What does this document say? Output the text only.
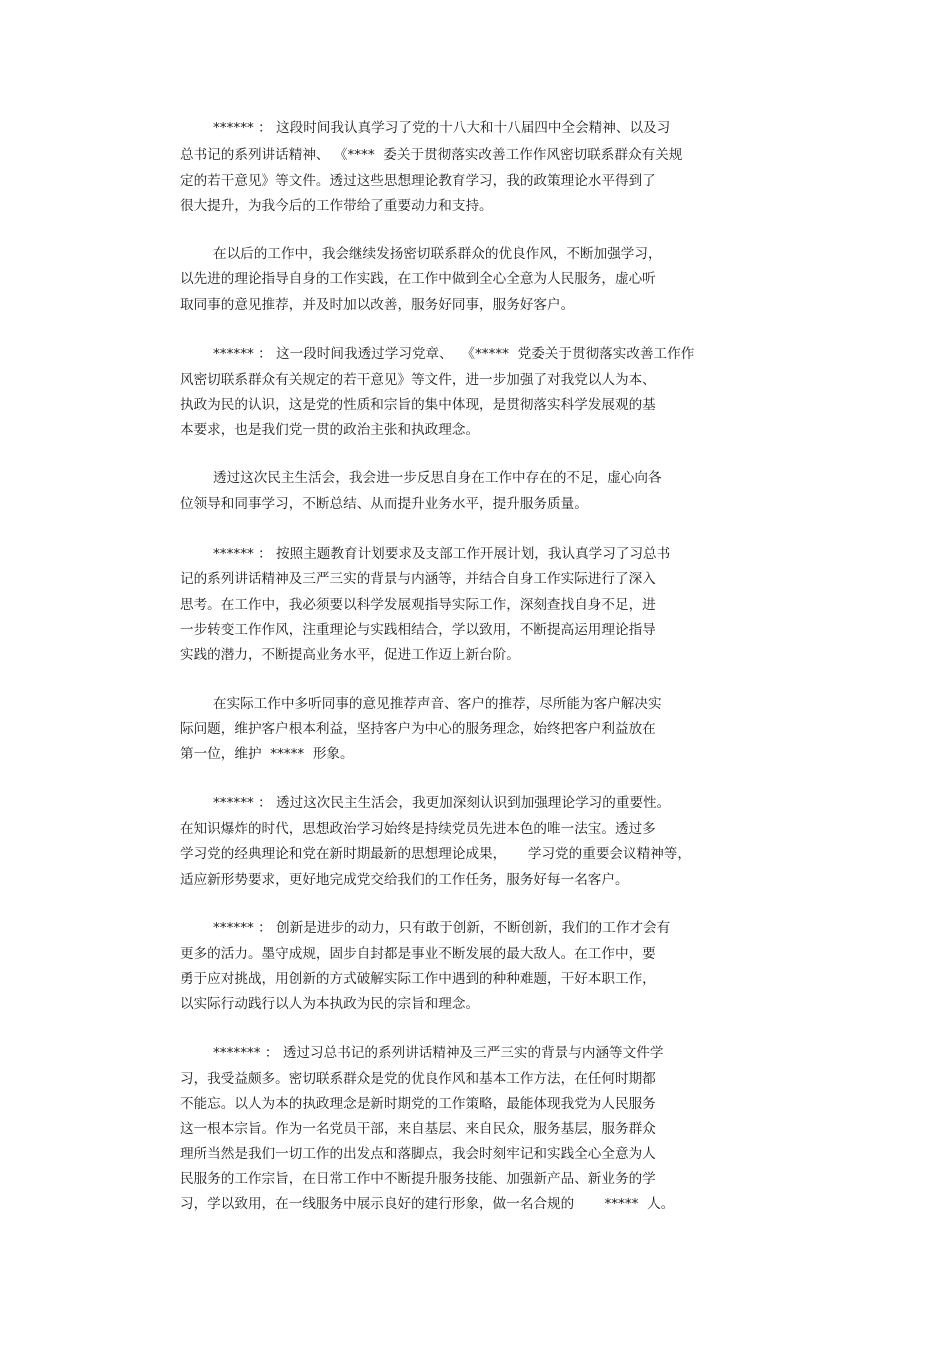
****** ： 这段时间我认真学习了党的十八大和十八届四中全会精神、以及习
总书记的系列讲话精神、 《****  委关于贯彻落实改善工作作风密切联系群众有关规
定的若干意见》等文件。透过这些思想理论教育学习，我的政策理论水平得到了
很大提升，为我今后的工作带给了重要动力和支持。
在以后的工作中，我会继续发扬密切联系群众的优良作风，不断加强学习，
以先进的理论指导自身的工作实践，在工作中做到全心全意为人民服务，虚心听
取同事的意见推荐，并及时加以改善，服务好同事，服务好客户。
****** ： 这一段时间我透过学习党章、  《*****  党委关于贯彻落实改善工作作
风密切联系群众有关规定的若干意见》等文件，进一步加强了对我党以人为本、
执政为民的认识，这是党的性质和宗旨的集中体现，是贯彻落实科学发展观的基
本要求，也是我们党一贯的政治主张和执政理念。
透过这次民主生活会，我会进一步反思自身在工作中存在的不足，虚心向各
位领导和同事学习，不断总结、从而提升业务水平，提升服务质量。
****** ： 按照主题教育计划要求及支部工作开展计划，我认真学习了习总书
记的系列讲话精神及三严三实的背景与内涵等，并结合自身工作实际进行了深入
思考。在工作中，我必须要以科学发展观指导实际工作，深刻查找自身不足，进
一步转变工作作风，注重理论与实践相结合，学以致用，不断提高运用理论指导
实践的潜力，不断提高业务水平，促进工作迈上新台阶。
在实际工作中多听同事的意见推荐声音、客户的推荐，尽所能为客户解决实
际问题，维护客户根本利益，坚持客户为中心的服务理念，始终把客户利益放在
第一位，维护  *****  形象。
****** ： 透过这次民主生活会，我更加深刻认识到加强理论学习的重要性。
在知识爆炸的时代，思想政治学习始终是持续党员先进本色的唯一法宝。透过多
学习党的经典理论和党在新时期最新的思想理论成果，     学习党的重要会议精神等，
适应新形势要求，更好地完成党交给我们的工作任务，服务好每一名客户。
****** ： 创新是进步的动力，只有敢于创新，不断创新，我们的工作才会有
更多的活力。墨守成规，固步自封都是事业不断发展的最大敌人。在工作中，要
勇于应对挑战，用创新的方式破解实际工作中遇到的种种难题，干好本职工作，
以实际行动践行以人为本执政为民的宗旨和理念。
******* ： 透过习总书记的系列讲话精神及三严三实的背景与内涵等文件学
习，我受益颇多。密切联系群众是党的优良作风和基本工作方法，在任何时期都
不能忘。以人为本的执政理念是新时期党的工作策略，最能体现我党为人民服务
这一根本宗旨。作为一名党员干部，来自基层、来自民众，服务基层，服务群众
理所当然是我们一切工作的出发点和落脚点，我会时刻牢记和实践全心全意为人
民服务的工作宗旨，在日常工作中不断提升服务技能、加强新产品、新业务的学
习，学以致用，在一线服务中展示良好的建行形象，做一名合规的       *****  人。
